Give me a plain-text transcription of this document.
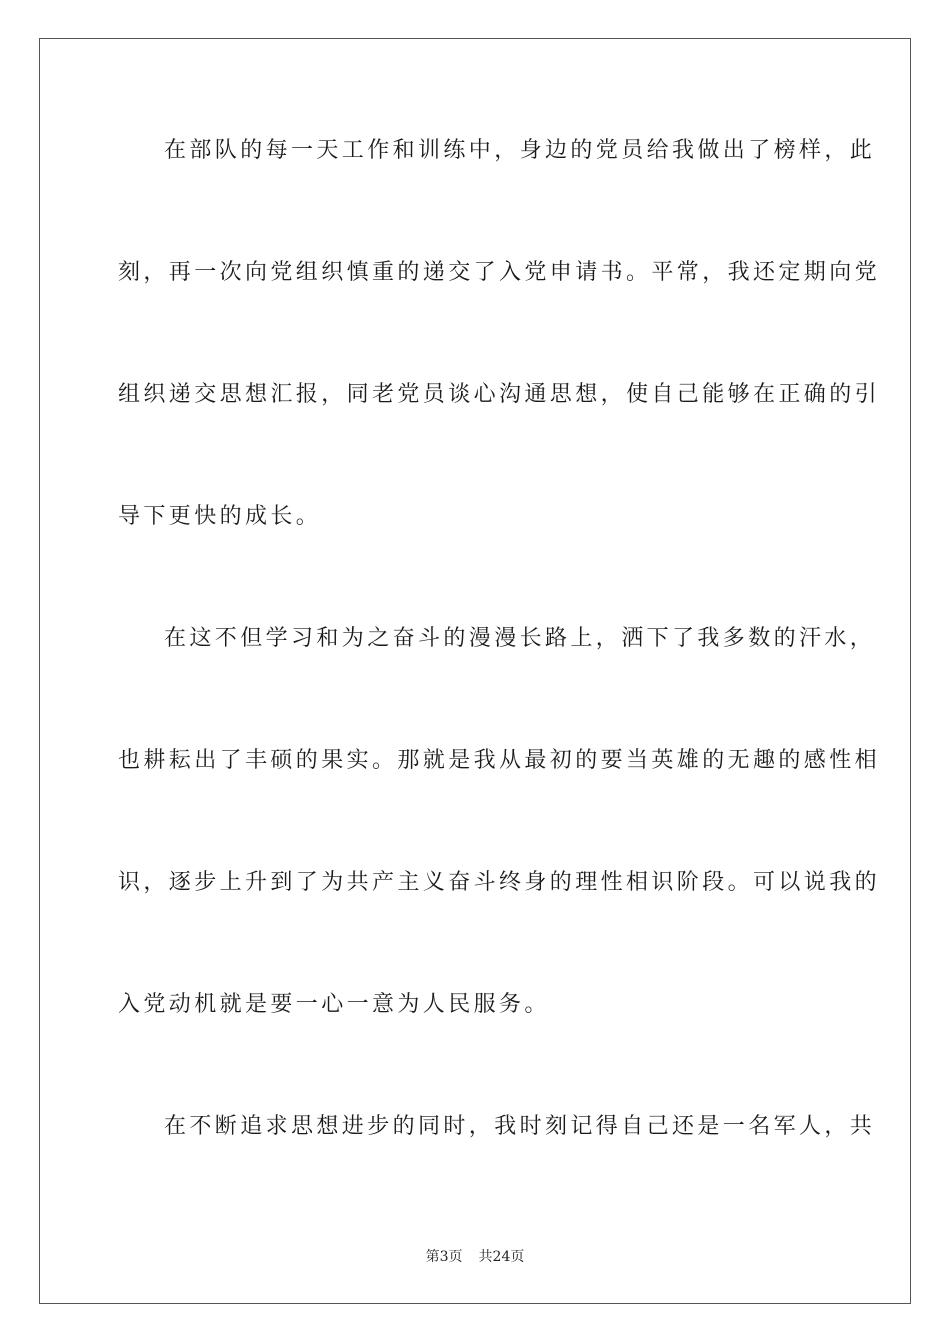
在部队的每一天工作和训练中，身边的党员给我做出了榜样，此
刻，再一次向党组织慎重的递交了入党申请书。平常，我还定期向党
组织递交思想汇报，同老党员谈心沟通思想，使自己能够在正确的引
导下更快的成长。
在这不但学习和为之奋斗的漫漫长路上，洒下了我多数的汗水，
也耕耘出了丰硕的果实。那就是我从最初的要当英雄的无趣的感性相
识，逐步上升到了为共产主义奋斗终身的理性相识阶段。可以说我的
入党动机就是要一心一意为人民服务。
在不断追求思想进步的同时，我时刻记得自己还是一名军人，共
第3页 共24页
